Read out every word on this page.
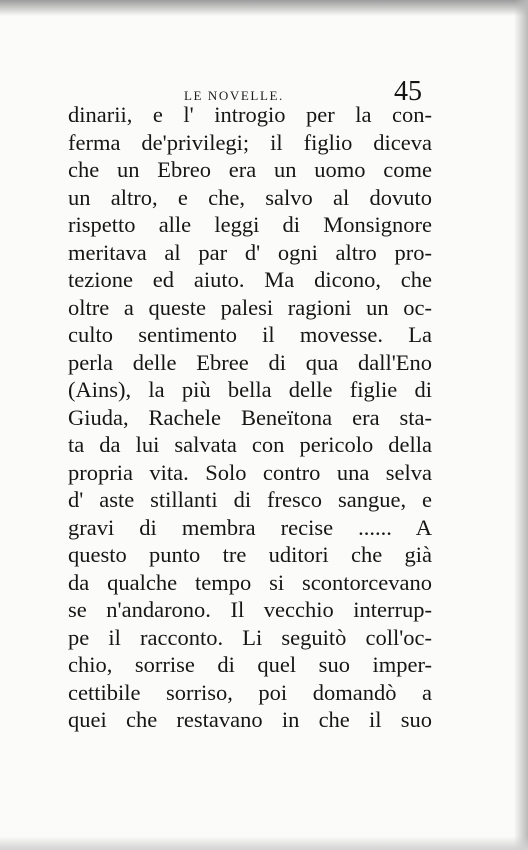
LE NOVELLE.	45
dinarii, e l' introgio per la con-
ferma de'privilegi; il figlio diceva
che un Ebreo era un uomo come
un altro, e che, salvo al dovuto
rispetto alle leggi di Monsignore
meritava al par d' ogni altro pro-
tezione ed aiuto. Ma dicono, che
oltre a queste palesi ragioni un oc-
culto sentimento il movesse. La
perla delle Ebree di qua dall'Eno
(Ains), la più bella delle figlie di
Giuda, Rachele Beneïtona era sta-
ta da lui salvata con pericolo della
propria vita. Solo contro una selva
d' aste stillanti di fresco sangue, e
gravi di membra recise ...... A
questo punto tre uditori che già
da qualche tempo si scontorcevano
se n'andarono. Il vecchio interrup-
pe il racconto. Li seguitò coll'oc-
chio, sorrise di quel suo imper-
cettibile sorriso, poi domandò a
quei che restavano in che il suo
